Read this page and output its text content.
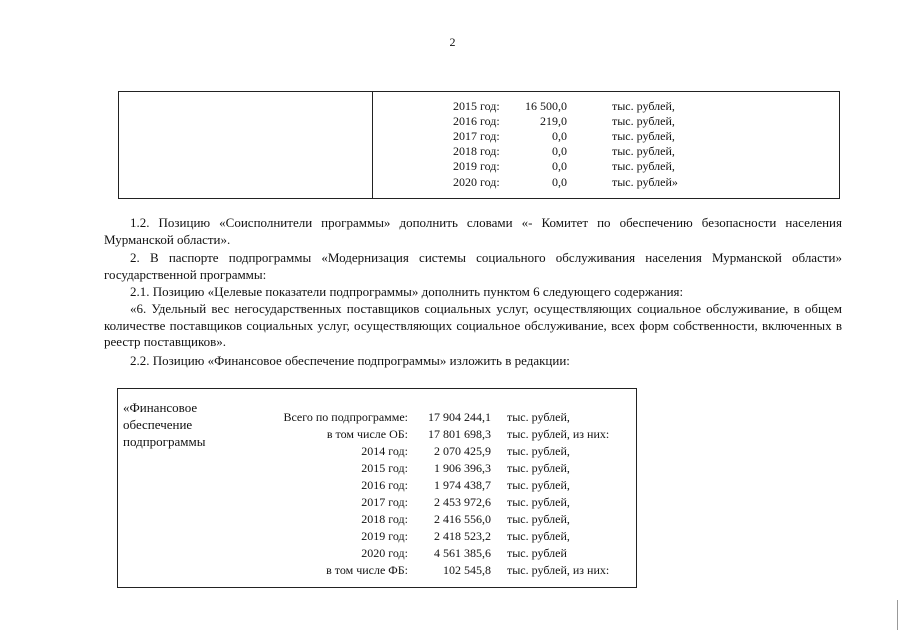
2
2015 год:	16 500,0	тыс. рублей,
2016 год:	219,0	тыс. рублей,
2017 год:	0,0	тыс. рублей,
2018 год:	0,0	тыс. рублей,
2019 год:	0,0	тыс. рублей,
2020 год:	0,0	тыс. рублей»
1.2. Позицию «Соисполнители программы» дополнить словами «- Комитет по обеспечению безопасности населения Мурманской области».
2. В паспорте подпрограммы «Модернизация системы социального обслуживания населения Мурманской области» государственной программы:
2.1. Позицию «Целевые показатели подпрограммы» дополнить пунктом 6 следующего содержания:
«6. Удельный вес негосударственных поставщиков социальных услуг, осуществляющих социальное обслуживание, в общем количестве поставщиков социальных услуг, осуществляющих социальное обслуживание, всех форм собственности, включенных в реестр поставщиков».
2.2. Позицию «Финансовое обеспечение подпрограммы» изложить в редакции:
«Финансовое обеспечение подпрограммы
Всего по подпрограмме:	17 904 244,1 тыс. рублей,
в том числе ОБ:	17 801 698,3 тыс. рублей, из них:
2014 год:	2 070 425,9 тыс. рублей,
2015 год:	1 906 396,3 тыс. рублей,
2016 год:	1 974 438,7 тыс. рублей,
2017 год:	2 453 972,6 тыс. рублей,
2018 год:	2 416 556,0 тыс. рублей,
2019 год:	2 418 523,2 тыс. рублей,
2020 год:	4 561 385,6 тыс. рублей
в том числе ФБ:	102 545,8 тыс. рублей, из них:
